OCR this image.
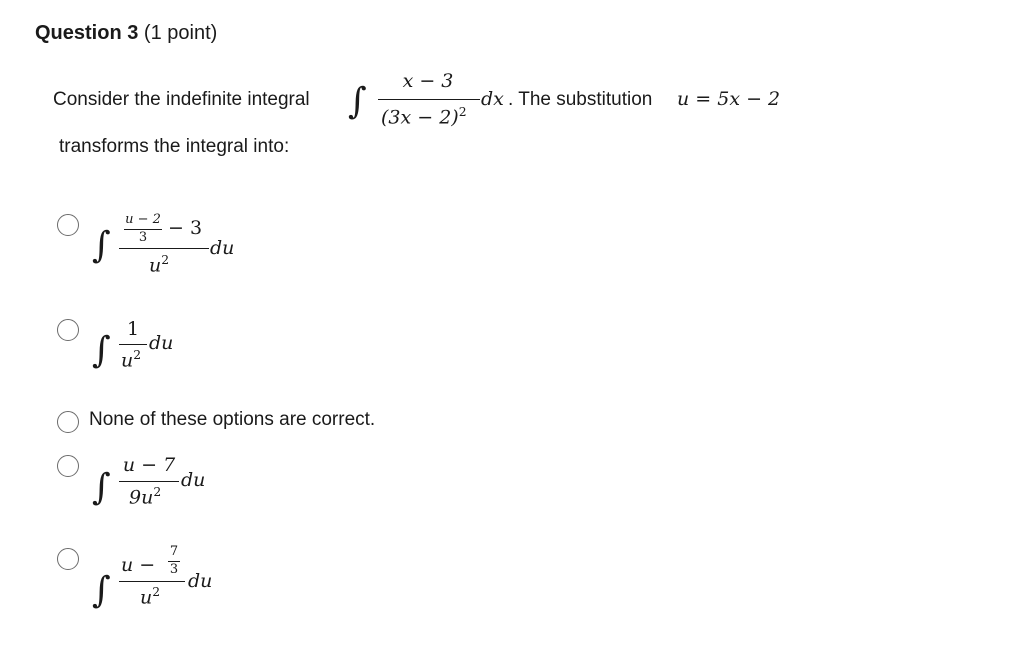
Question 3 (1 point)
Consider the indefinite integral ∫	x − 3
$(3x - 2)^2$
dx . The substitution u = 5x − 2
transforms the integral into:
∫
u − 2
3	− 3
$u^2$
du
∫
1
$u^2$
du
None of these options are correct.
∫
u − 7
$9u^2$
du
∫
u −
7
3
$u^2$ du
